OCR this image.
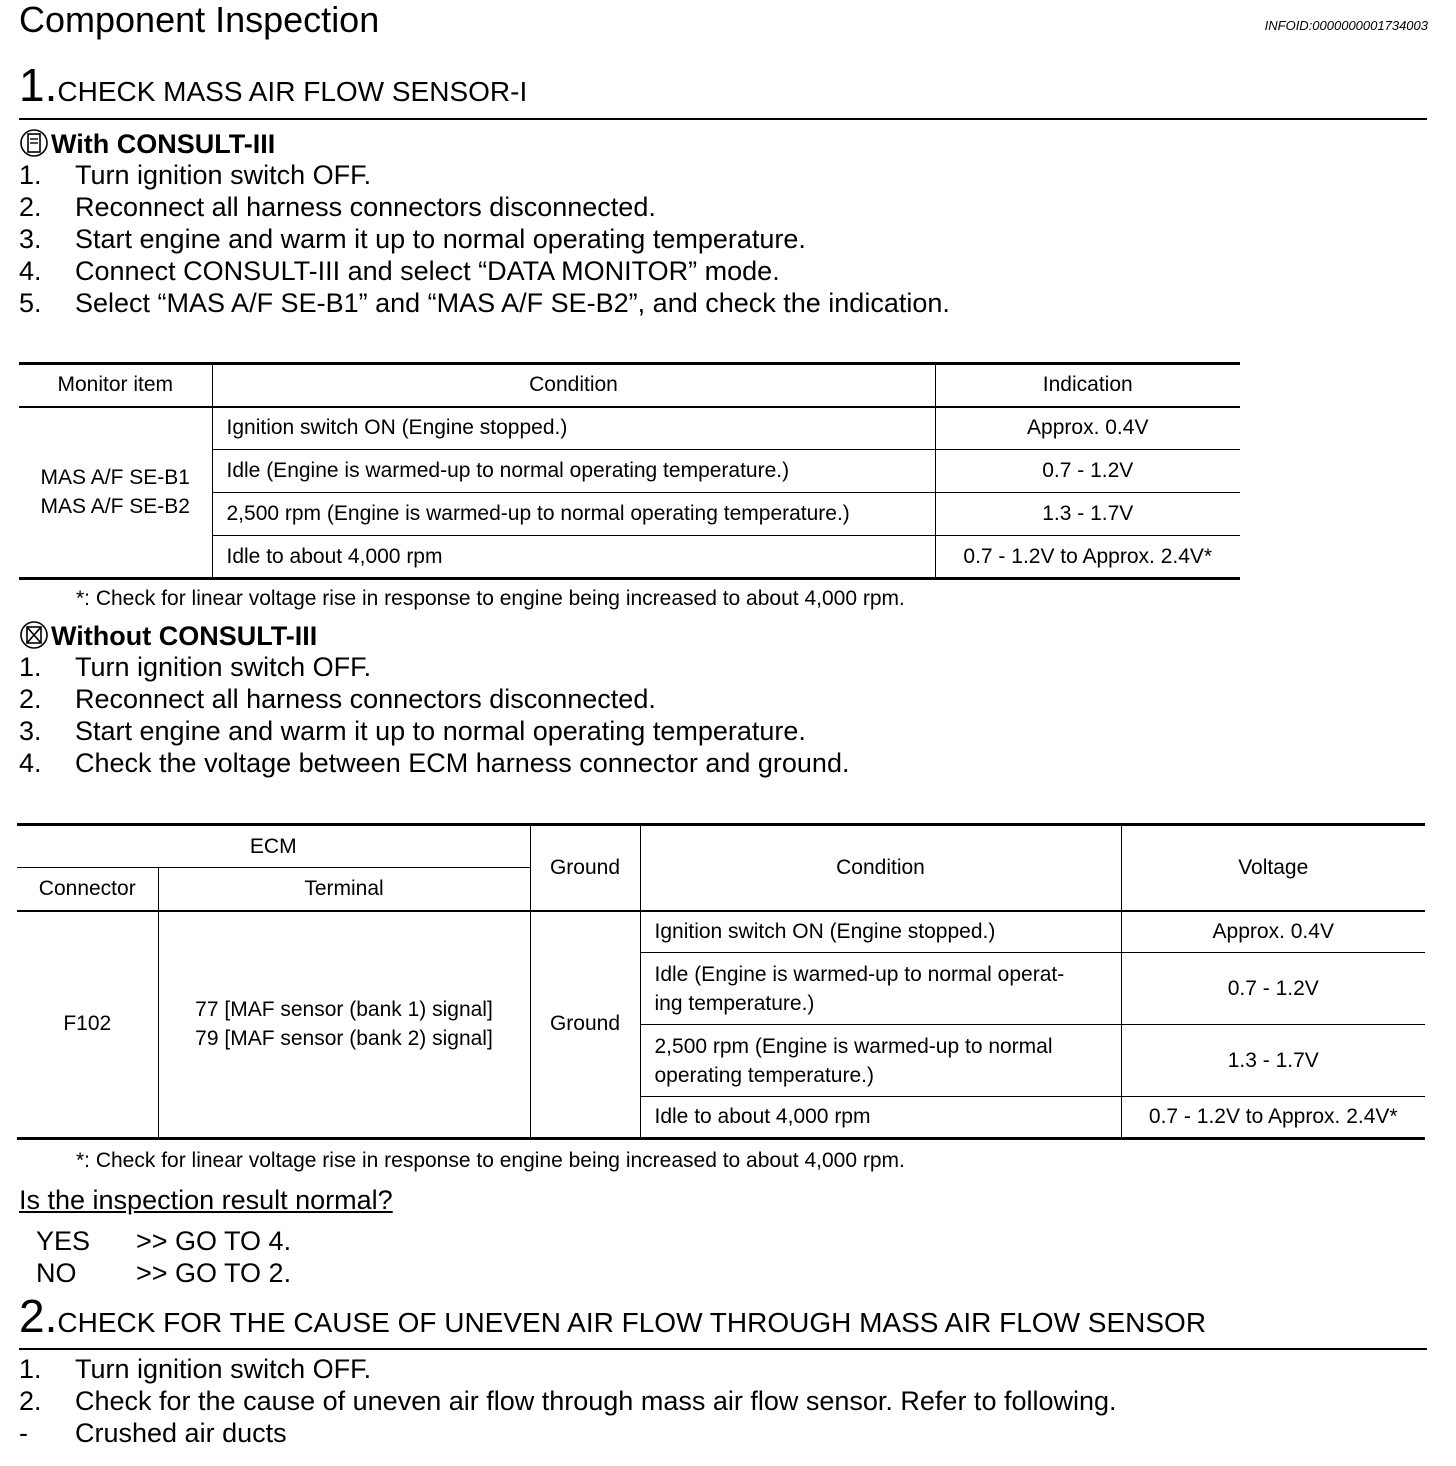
Component Inspection	INFOID:0000000001734003
1.CHECK MASS AIR FLOW SENSOR-I
With CONSULT-III
1. Turn ignition switch OFF.
2. Reconnect all harness connectors disconnected.
3. Start engine and warm it up to normal operating temperature.
4. Connect CONSULT-III and select “DATA MONITOR” mode.
5. Select “MAS A/F SE-B1” and “MAS A/F SE-B2”, and check the indication.
Monitor item	Condition	Indication

MAS A/F SE-B1
MAS A/F SE-B2	Ignition switch ON (Engine stopped.)	Approx. 0.4V
	Idle (Engine is warmed-up to normal operating temperature.)	0.7 - 1.2V
	2,500 rpm (Engine is warmed-up to normal operating temperature.)	1.3 - 1.7V
	Idle to about 4,000 rpm	0.7 - 1.2V to Approx. 2.4V*
*: Check for linear voltage rise in response to engine being increased to about 4,000 rpm.
Without CONSULT-III
1. Turn ignition switch OFF.
2. Reconnect all harness connectors disconnected.
3. Start engine and warm it up to normal operating temperature.
4. Check the voltage between ECM harness connector and ground.
ECM		Ground	Condition	Voltage
Connector	Terminal			
F102	77 [MAF sensor (bank 1) signal]
79 [MAF sensor (bank 2) signal]	Ground	Ignition switch ON (Engine stopped.)	Approx. 0.4V

			Idle (Engine is warmed-up to normal operat-
ing temperature.)	0.7 - 1.2V

			2,500 rpm (Engine is warmed-up to normal
operating temperature.)	1.3 - 1.7V

			Idle to about 4,000 rpm	0.7 - 1.2V to Approx. 2.4V*
*: Check for linear voltage rise in response to engine being increased to about 4,000 rpm.
Is the inspection result normal?
YES >> GO TO 4.
NO >> GO TO 2.
2.CHECK FOR THE CAUSE OF UNEVEN AIR FLOW THROUGH MASS AIR FLOW SENSOR
1. Turn ignition switch OFF.
2. Check for the cause of uneven air flow through mass air flow sensor. Refer to following.
- Crushed air ducts
